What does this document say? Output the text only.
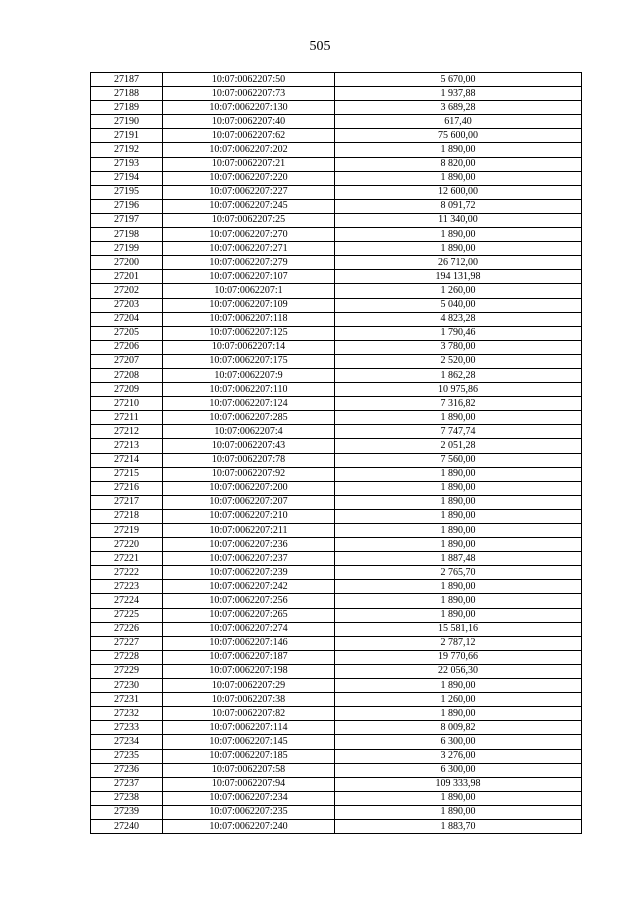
505
27187	10:07:0062207:50	5 670,00
27188	10:07:0062207:73	1 937,88
27189	10:07:0062207:130	3 689,28
27190	10:07:0062207:40	617,40
27191	10:07:0062207:62	75 600,00
27192	10:07:0062207:202	1 890,00
27193	10:07:0062207:21	8 820,00
27194	10:07:0062207:220	1 890,00
27195	10:07:0062207:227	12 600,00
27196	10:07:0062207:245	8 091,72
27197	10:07:0062207:25	11 340,00
27198	10:07:0062207:270	1 890,00
27199	10:07:0062207:271	1 890,00
27200	10:07:0062207:279	26 712,00
27201	10:07:0062207:107	194 131,98
27202	10:07:0062207:1	1 260,00
27203	10:07:0062207:109	5 040,00
27204	10:07:0062207:118	4 823,28
27205	10:07:0062207:125	1 790,46
27206	10:07:0062207:14	3 780,00
27207	10:07:0062207:175	2 520,00
27208	10:07:0062207:9	1 862,28
27209	10:07:0062207:110	10 975,86
27210	10:07:0062207:124	7 316,82
27211	10:07:0062207:285	1 890,00
27212	10:07:0062207:4	7 747,74
27213	10:07:0062207:43	2 051,28
27214	10:07:0062207:78	7 560,00
27215	10:07:0062207:92	1 890,00
27216	10:07:0062207:200	1 890,00
27217	10:07:0062207:207	1 890,00
27218	10:07:0062207:210	1 890,00
27219	10:07:0062207:211	1 890,00
27220	10:07:0062207:236	1 890,00
27221	10:07:0062207:237	1 887,48
27222	10:07:0062207:239	2 765,70
27223	10:07:0062207:242	1 890,00
27224	10:07:0062207:256	1 890,00
27225	10:07:0062207:265	1 890,00
27226	10:07:0062207:274	15 581,16
27227	10:07:0062207:146	2 787,12
27228	10:07:0062207:187	19 770,66
27229	10:07:0062207:198	22 056,30
27230	10:07:0062207:29	1 890,00
27231	10:07:0062207:38	1 260,00
27232	10:07:0062207:82	1 890,00
27233	10:07:0062207:114	8 009,82
27234	10:07:0062207:145	6 300,00
27235	10:07:0062207:185	3 276,00
27236	10:07:0062207:58	6 300,00
27237	10:07:0062207:94	109 333,98
27238	10:07:0062207:234	1 890,00
27239	10:07:0062207:235	1 890,00
27240	10:07:0062207:240	1 883,70
